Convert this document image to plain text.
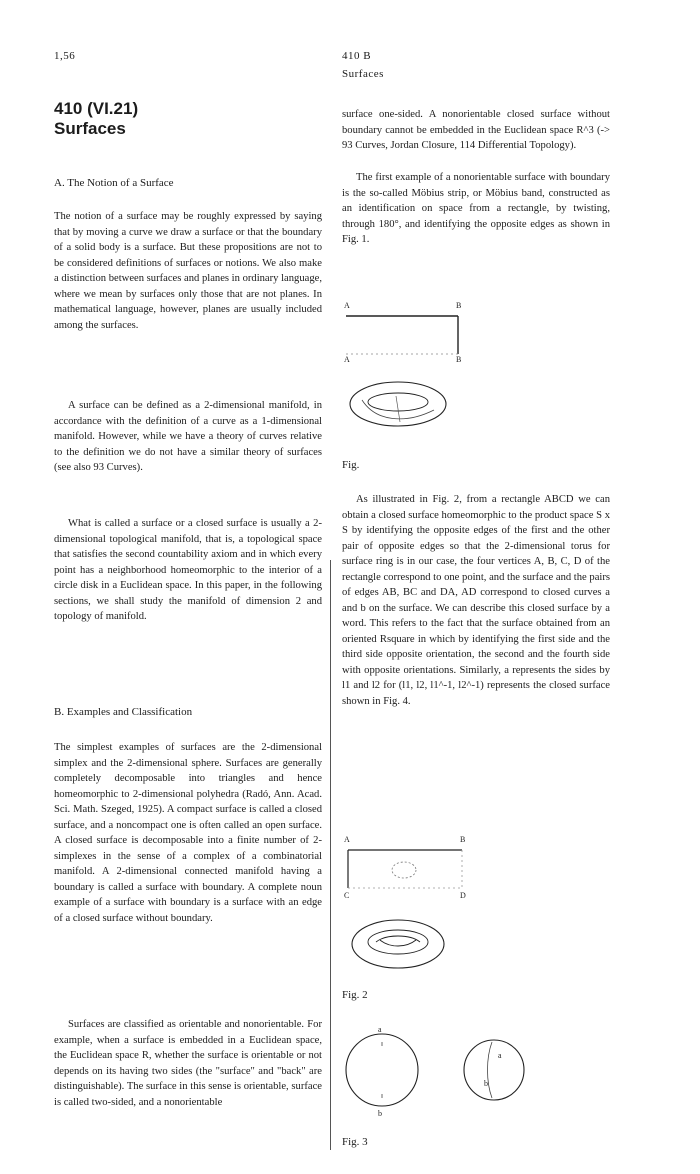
1,56	410 B
Surfaces
410 (VI.21)
Surfaces
A. The Notion of a Surface

The notion of a surface may be roughly expressed by saying that by moving a curve we draw a surface or that the boundary of a solid body is a surface. But these propositions are not to be considered definitions of surfaces or notions. We also make a distinction between surfaces and planes in ordinary language, where we mean by surfaces only those that are not planes. In mathematical language, however, planes are usually included among the surfaces.

A surface can be defined as a 2-dimensional manifold, in accordance with the definition of a curve as a 1-dimensional manifold. However, while we have a theory of curves relative to the definition we do not have a similar theory of surfaces (see also 93 Curves).

What is called a surface or a closed surface is usually a 2-dimensional topological manifold, that is, a topological space that satisfies the second countability axiom and in which every point has a neighborhood homeomorphic to the interior of a circle disk in a Euclidean space. In this paper, in the following sections, we shall study the manifold of dimension 2 and topology of manifold.

B. Examples and Classification

The simplest examples of surfaces are the 2-dimensional simplex and the 2-dimensional sphere. Surfaces are generally completely decomposable into triangles and hence homeomorphic to 2-dimensional polyhedra (Radó, Ann. Acad. Sci. Math. Szeged, 1925). A compact surface is called a closed surface, and a noncompact one is often called an open surface. A closed surface is decomposable into a finite number of 2-simplexes in the sense of a complex of a combinatorial manifold. A 2-dimensional connected manifold having a boundary is called a surface with boundary. A complete noun example of a surface with boundary is a surface with an edge of a closed surface without boundary.

Surfaces are classified as orientable and nonorientable. For example, when a surface is embedded in a Euclidean space, the Euclidean space R, whether the surface is orientable or not depends on its having two sides (the "surface" and "back" are distinguishable). The surface in this sense is orientable, surface is called two-sided, and a nonorientable

surface one-sided. A nonorientable closed surface without boundary cannot be embedded in the Euclidean space R^3 (-> 93 Curves, Jordan Closure, 114 Differential Topology).

The first example of a nonorientable surface with boundary is the so-called Möbius strip, or Möbius band, constructed as an identification on space from a rectangle, by twisting, through 180°, and identifying the opposite edges as shown in Fig. 1.

A	B
A	B
Fig.

As illustrated in Fig. 2, from a rectangle ABCD we can obtain a closed surface homeomorphic to the product space S x S by identifying the opposite edges of the first and the other pair of opposite edges so that the 2-dimensional torus for surface ring is in our case, the four vertices A, B, C, D of the rectangle correspond to one point, and the surface and the pairs of edges AB, BC and DA, AD correspond to closed curves a and b on the surface. We can describe this closed surface by a word. This refers to the fact that the surface obtained from an oriented Rsquare in which by identifying the first side and the third side opposite orientation, the second and the fourth side with opposite orientations. Similarly, a represents the sides by l1 and l2 for (l1, l2, l1^-1, l2^-1) represents the closed surface shown in Fig. 4.

A	B
C	D
Fig. 2
a
b
a
b
Fig. 3
